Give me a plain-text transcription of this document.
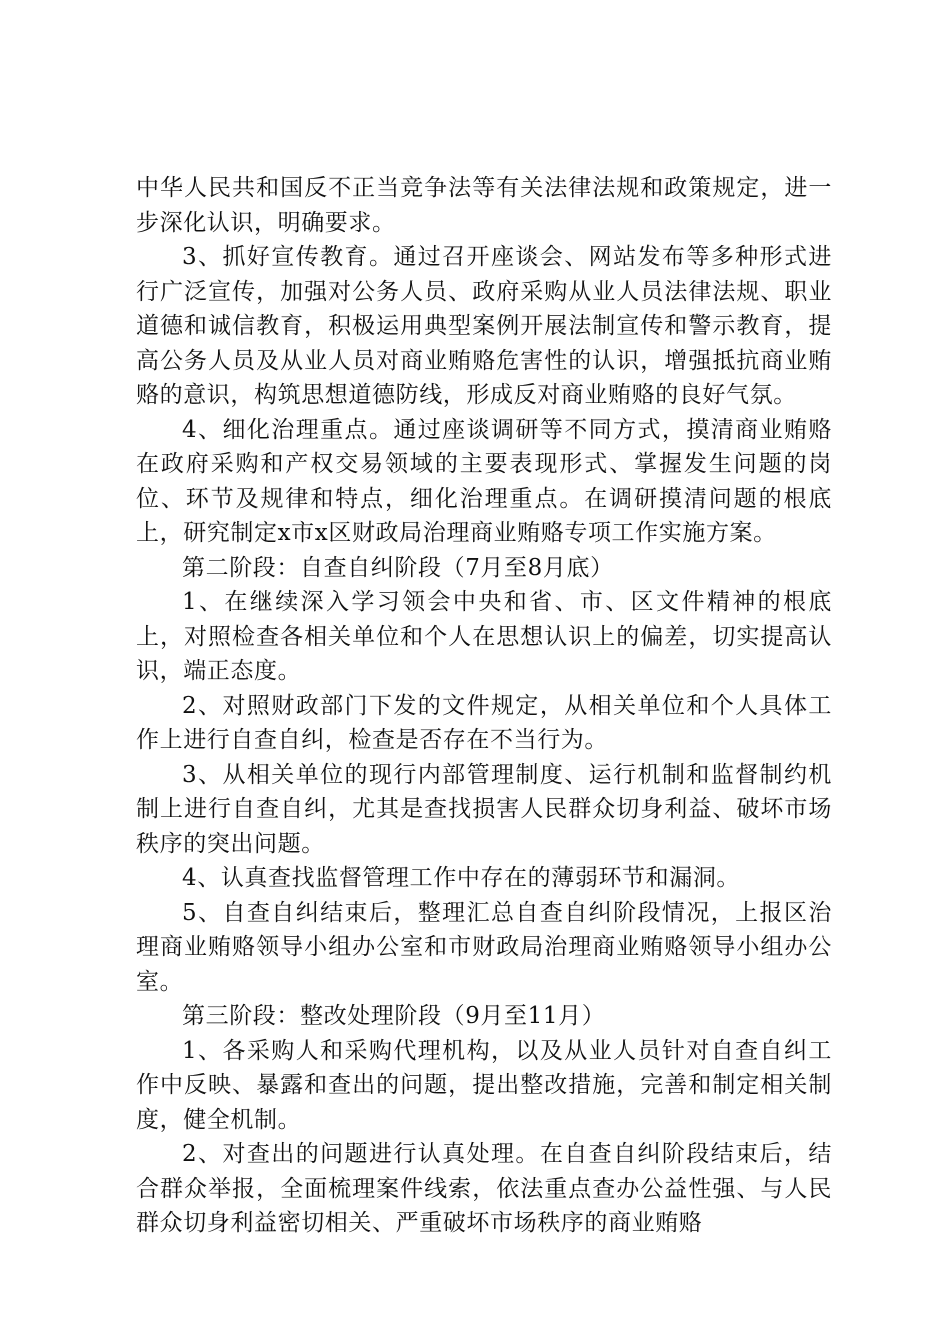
中华人民共和国反不正当竞争法等有关法律法规和政策规定，进一步深化认识，明确要求。

3、抓好宣传教育。通过召开座谈会、网站发布等多种形式进行广泛宣传，加强对公务人员、政府采购从业人员法律法规、职业道德和诚信教育，积极运用典型案例开展法制宣传和警示教育，提高公务人员及从业人员对商业贿赂危害性的认识，增强抵抗商业贿赂的意识，构筑思想道德防线，形成反对商业贿赂的良好气氛。

4、细化治理重点。通过座谈调研等不同方式，摸清商业贿赂在政府采购和产权交易领域的主要表现形式、掌握发生问题的岗位、环节及规律和特点，细化治理重点。在调研摸清问题的根底上，研究制定x市x区财政局治理商业贿赂专项工作实施方案。

第二阶段：自查自纠阶段（7月至8月底）

1、在继续深入学习领会中央和省、市、区文件精神的根底上，对照检查各相关单位和个人在思想认识上的偏差，切实提高认识，端正态度。

2、对照财政部门下发的文件规定，从相关单位和个人具体工作上进行自查自纠，检查是否存在不当行为。

3、从相关单位的现行内部管理制度、运行机制和监督制约机制上进行自查自纠，尤其是查找损害人民群众切身利益、破坏市场秩序的突出问题。

4、认真查找监督管理工作中存在的薄弱环节和漏洞。

5、自查自纠结束后，整理汇总自查自纠阶段情况，上报区治理商业贿赂领导小组办公室和市财政局治理商业贿赂领导小组办公室。

第三阶段：整改处理阶段（9月至11月）

1、各采购人和采购代理机构，以及从业人员针对自查自纠工作中反映、暴露和查出的问题，提出整改措施，完善和制定相关制度，健全机制。

2、对查出的问题进行认真处理。在自查自纠阶段结束后，结合群众举报，全面梳理案件线索，依法重点查办公益性强、与人民群众切身利益密切相关、严重破坏市场秩序的商业贿赂
